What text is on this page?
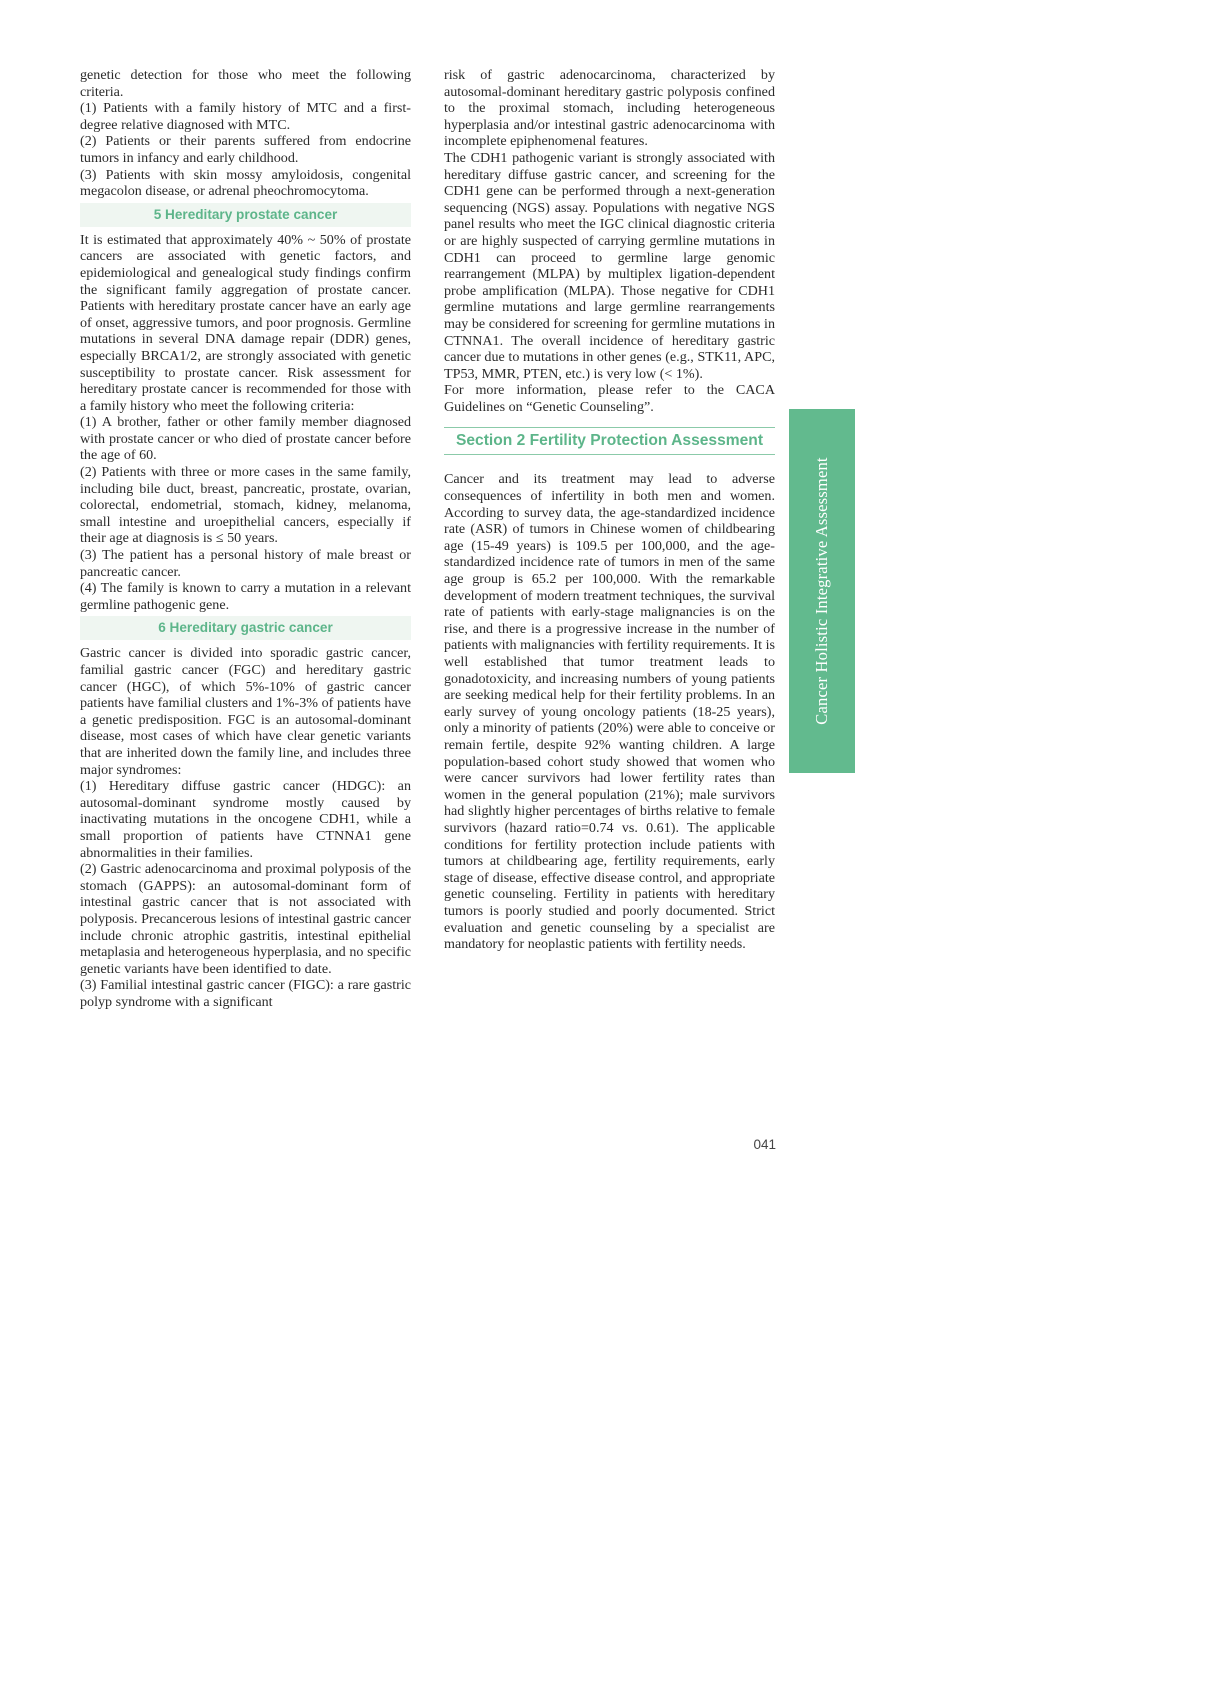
genetic detection for those who meet the following criteria.

(1) Patients with a family history of MTC and a first-degree relative diagnosed with MTC.

(2) Patients or their parents suffered from endocrine tumors in infancy and early childhood.

(3) Patients with skin mossy amyloidosis, congenital megacolon disease, or adrenal pheochromocytoma.

5 Hereditary prostate cancer

It is estimated that approximately 40% ~ 50% of prostate cancers are associated with genetic factors, and epidemiological and genealogical study findings confirm the significant family aggregation of prostate cancer. Patients with hereditary prostate cancer have an early age of onset, aggressive tumors, and poor prognosis. Germline mutations in several DNA damage repair (DDR) genes, especially BRCA1/2, are strongly associated with genetic susceptibility to prostate cancer. Risk assessment for hereditary prostate cancer is recommended for those with a family history who meet the following criteria:

(1) A brother, father or other family member diagnosed with prostate cancer or who died of prostate cancer before the age of 60.

(2) Patients with three or more cases in the same family, including bile duct, breast, pancreatic, prostate, ovarian, colorectal, endometrial, stomach, kidney, melanoma, small intestine and uroepithelial cancers, especially if their age at diagnosis is ≤ 50 years.

(3) The patient has a personal history of male breast or pancreatic cancer.

(4) The family is known to carry a mutation in a relevant germline pathogenic gene.

6 Hereditary gastric cancer

Gastric cancer is divided into sporadic gastric cancer, familial gastric cancer (FGC) and hereditary gastric cancer (HGC), of which 5%-10% of gastric cancer patients have familial clusters and 1%-3% of patients have a genetic predisposition. FGC is an autosomal-dominant disease, most cases of which have clear genetic variants that are inherited down the family line, and includes three major syndromes:

(1) Hereditary diffuse gastric cancer (HDGC): an autosomal-dominant syndrome mostly caused by inactivating mutations in the oncogene CDH1, while a small proportion of patients have CTNNA1 gene abnormalities in their families.

(2) Gastric adenocarcinoma and proximal polyposis of the stomach (GAPPS): an autosomal-dominant form of intestinal gastric cancer that is not associated with polyposis. Precancerous lesions of intestinal gastric cancer include chronic atrophic gastritis, intestinal epithelial metaplasia and heterogeneous hyperplasia, and no specific genetic variants have been identified to date.

(3) Familial intestinal gastric cancer (FIGC): a rare gastric polyp syndrome with a significant

risk of gastric adenocarcinoma, characterized by autosomal-dominant hereditary gastric polyposis confined to the proximal stomach, including heterogeneous hyperplasia and/or intestinal gastric adenocarcinoma with incomplete epiphenomenal features.

The CDH1 pathogenic variant is strongly associated with hereditary diffuse gastric cancer, and screening for the CDH1 gene can be performed through a next-generation sequencing (NGS) assay. Populations with negative NGS panel results who meet the IGC clinical diagnostic criteria or are highly suspected of carrying germline mutations in CDH1 can proceed to germline large genomic rearrangement (MLPA) by multiplex ligation-dependent probe amplification (MLPA). Those negative for CDH1 germline mutations and large germline rearrangements may be considered for screening for germline mutations in CTNNA1. The overall incidence of hereditary gastric cancer due to mutations in other genes (e.g., STK11, APC, TP53, MMR, PTEN, etc.) is very low (< 1%).

For more information, please refer to the CACA Guidelines on “Genetic Counseling”.

Section 2 Fertility Protection Assessment

Cancer and its treatment may lead to adverse consequences of infertility in both men and women. According to survey data, the age-standardized incidence rate (ASR) of tumors in Chinese women of childbearing age (15-49 years) is 109.5 per 100,000, and the age-standardized incidence rate of tumors in men of the same age group is 65.2 per 100,000. With the remarkable development of modern treatment techniques, the survival rate of patients with early-stage malignancies is on the rise, and there is a progressive increase in the number of patients with malignancies with fertility requirements. It is well established that tumor treatment leads to gonadotoxicity, and increasing numbers of young patients are seeking medical help for their fertility problems. In an early survey of young oncology patients (18-25 years), only a minority of patients (20%) were able to conceive or remain fertile, despite 92% wanting children. A large population-based cohort study showed that women who were cancer survivors had lower fertility rates than women in the general population (21%); male survivors had slightly higher percentages of births relative to female survivors (hazard ratio=0.74 vs. 0.61). The applicable conditions for fertility protection include patients with tumors at childbearing age, fertility requirements, early stage of disease, effective disease control, and appropriate genetic counseling. Fertility in patients with hereditary tumors is poorly studied and poorly documented. Strict evaluation and genetic counseling by a specialist are mandatory for neoplastic patients with fertility needs.

Cancer Holistic Integrative Assessment
041
